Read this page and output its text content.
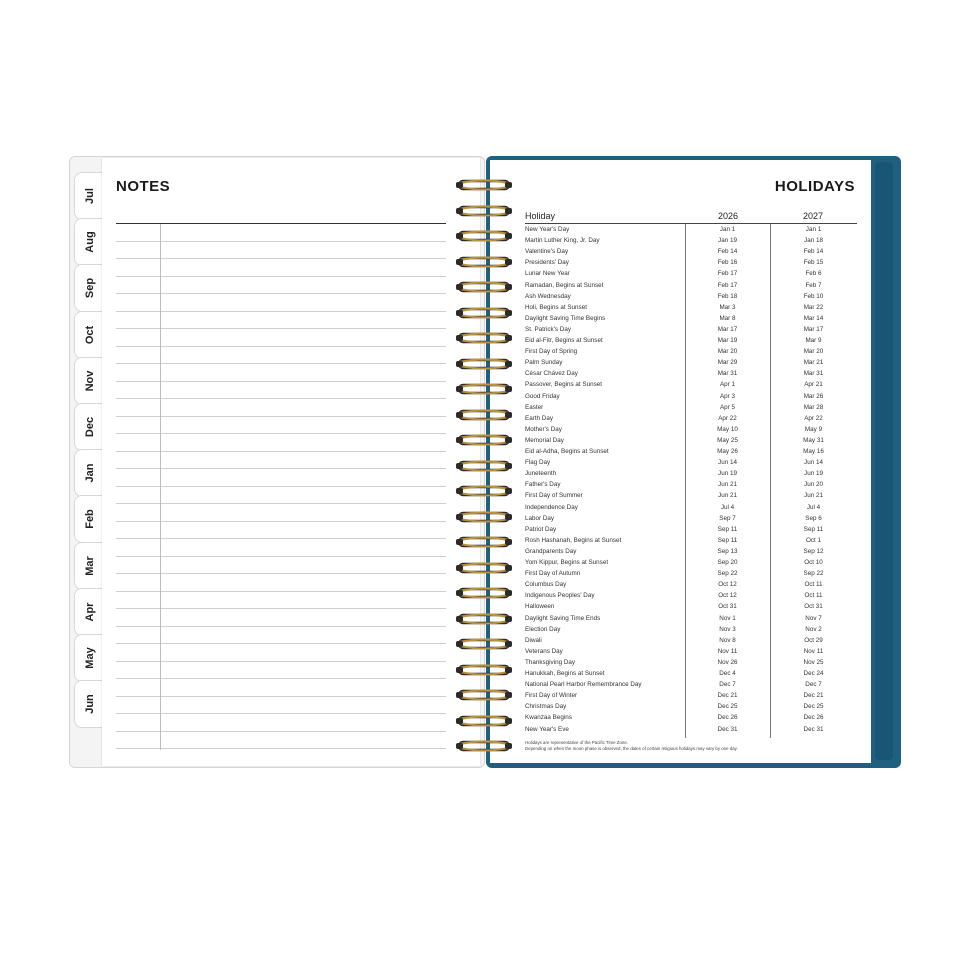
Jul
Aug
Sep
Oct
Nov
Dec
Jan
Feb
Mar
Apr
May
Jun
NOTES	HOLIDAYS
Holiday	2026	2027
New Year's Day	Jan 1	Jan 1
Martin Luther King, Jr. Day	Jan 19	Jan 18
Valentine's Day	Feb 14	Feb 14
Presidents' Day	Feb 16	Feb 15
Lunar New Year	Feb 17	Feb 6
Ramadan, Begins at Sunset	Feb 17	Feb 7
Ash Wednesday	Feb 18	Feb 10
Holi, Begins at Sunset	Mar 3	Mar 22
Daylight Saving Time Begins	Mar 8	Mar 14
St. Patrick's Day	Mar 17	Mar 17
Eid al-Fitr, Begins at Sunset	Mar 19	Mar 9
First Day of Spring	Mar 20	Mar 20
Palm Sunday	Mar 29	Mar 21
César Chávez Day	Mar 31	Mar 31
Passover, Begins at Sunset	Apr 1	Apr 21
Good Friday	Apr 3	Mar 26
Easter	Apr 5	Mar 28
Earth Day	Apr 22	Apr 22
Mother's Day	May 10	May 9
Memorial Day	May 25	May 31
Eid al-Adha, Begins at Sunset	May 26	May 16
Flag Day	Jun 14	Jun 14
Juneteenth	Jun 19	Jun 19
Father's Day	Jun 21	Jun 20
First Day of Summer	Jun 21	Jun 21
Independence Day	Jul 4	Jul 4
Labor Day	Sep 7	Sep 6
Patriot Day	Sep 11	Sep 11
Rosh Hashanah, Begins at Sunset	Sep 11	Oct 1
Grandparents Day	Sep 13	Sep 12
Yom Kippur, Begins at Sunset	Sep 20	Oct 10
First Day of Autumn	Sep 22	Sep 22
Columbus Day	Oct 12	Oct 11
Indigenous Peoples' Day	Oct 12	Oct 11
Halloween	Oct 31	Oct 31
Daylight Saving Time Ends	Nov 1	Nov 7
Election Day	Nov 3	Nov 2
Diwali	Nov 8	Oct 29
Veterans Day	Nov 11	Nov 11
Thanksgiving Day	Nov 26	Nov 25
Hanukkah, Begins at Sunset	Dec 4	Dec 24
National Pearl Harbor Remembrance Day	Dec 7	Dec 7
First Day of Winter	Dec 21	Dec 21
Christmas Day	Dec 25	Dec 25
Kwanzaa Begins	Dec 26	Dec 26
New Year's Eve	Dec 31	Dec 31
Holidays are representative of the Pacific Time Zone.
Depending on when the moon phase is observed, the dates of certain religious holidays may vary by one day.
